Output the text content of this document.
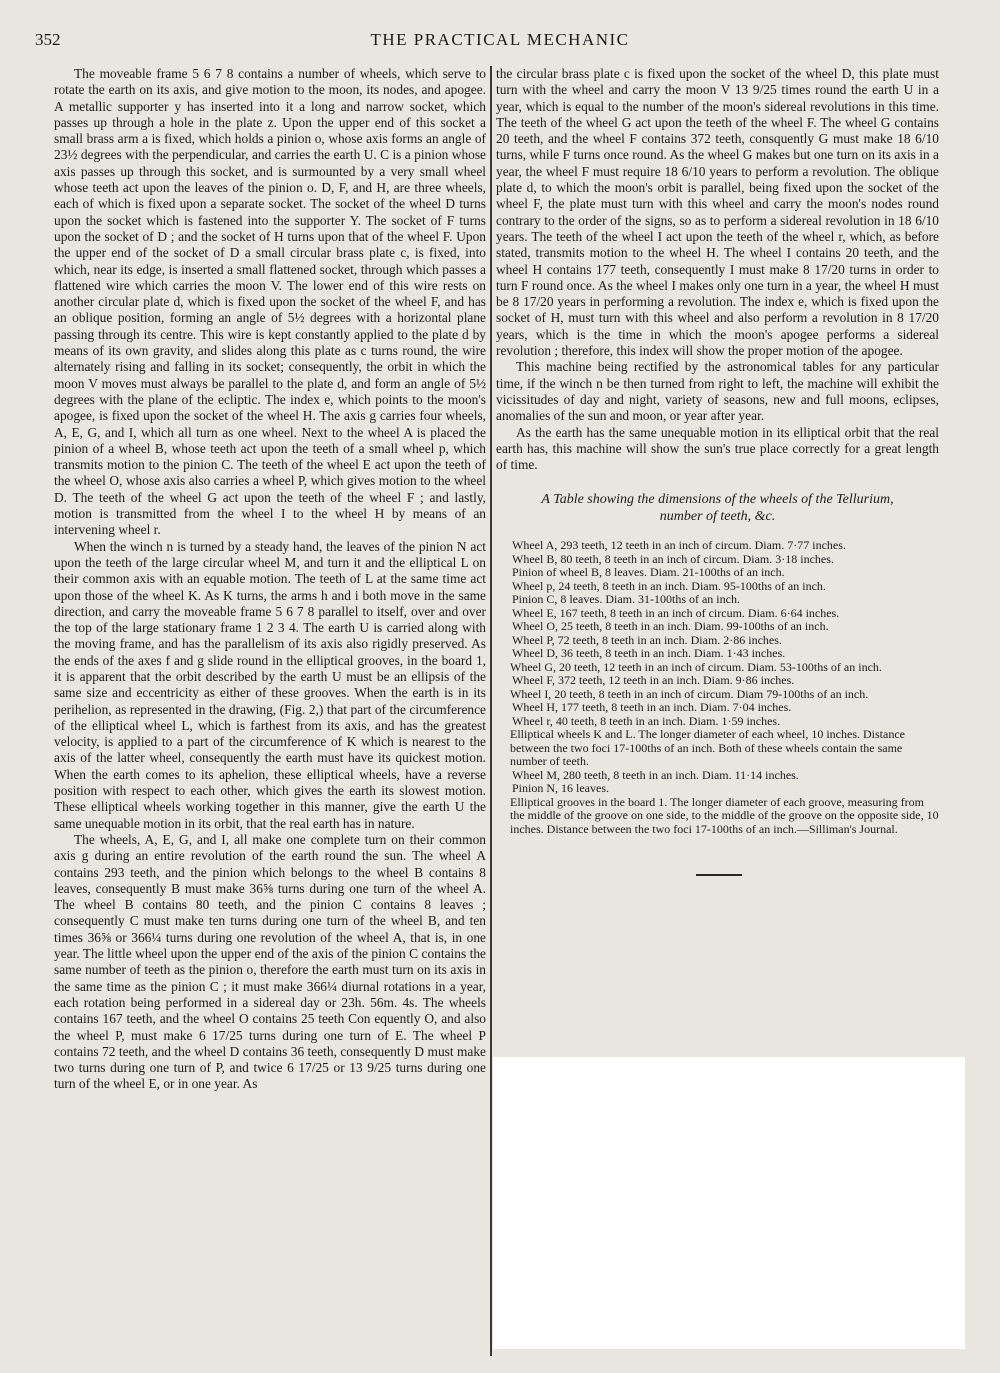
352	THE PRACTICAL MECHANIC

The moveable frame 5 6 7 8 contains a number of wheels, which serve to rotate the earth on its axis, and give motion to the moon, its nodes, and apogee. A metallic supporter y has inserted into it a long and narrow socket, which passes up through a hole in the plate z. Upon the upper end of this socket a small brass arm a is fixed, which holds a pinion o, whose axis forms an angle of 23½ degrees with the perpendicular, and carries the earth U. C is a pinion whose axis passes up through this socket, and is surmounted by a very small wheel whose teeth act upon the leaves of the pinion o. D, F, and H, are three wheels, each of which is fixed upon a separate socket. The socket of the wheel D turns upon the socket which is fastened into the supporter Y. The socket of F turns upon the socket of D ; and the socket of H turns upon that of the wheel F. Upon the upper end of the socket of D a small circular brass plate c, is fixed, into which, near its edge, is inserted a small flattened socket, through which passes a flattened wire which carries the moon V. The lower end of this wire rests on another circular plate d, which is fixed upon the socket of the wheel F, and has an oblique position, forming an angle of 5½ degrees with a horizontal plane passing through its centre. This wire is kept constantly applied to the plate d by means of its own gravity, and slides along this plate as c turns round, the wire alternately rising and falling in its socket; consequently, the orbit in which the moon V moves must always be parallel to the plate d, and form an angle of 5½ degrees with the plane of the ecliptic. The index e, which points to the moon's apogee, is fixed upon the socket of the wheel H. The axis g carries four wheels, A, E, G, and I, which all turn as one wheel. Next to the wheel A is placed the pinion of a wheel B, whose teeth act upon the teeth of a small wheel p, which transmits motion to the pinion C. The teeth of the wheel E act upon the teeth of the wheel O, whose axis also carries a wheel P, which gives motion to the wheel D. The teeth of the wheel G act upon the teeth of the wheel F ; and lastly, motion is transmitted from the wheel I to the wheel H by means of an intervening wheel r.

When the winch n is turned by a steady hand, the leaves of the pinion N act upon the teeth of the large circular wheel M, and turn it and the elliptical L on their common axis with an equable motion. The teeth of L at the same time act upon those of the wheel K. As K turns, the arms h and i both move in the same direction, and carry the moveable frame 5 6 7 8 parallel to itself, over and over the top of the large stationary frame 1 2 3 4. The earth U is carried along with the moving frame, and has the parallelism of its axis also rigidly preserved. As the ends of the axes f and g slide round in the elliptical grooves, in the board 1, it is apparent that the orbit described by the earth U must be an ellipsis of the same size and eccentricity as either of these grooves. When the earth is in its perihelion, as represented in the drawing, (Fig. 2,) that part of the circumference of the elliptical wheel L, which is farthest from its axis, and has the greatest velocity, is applied to a part of the circumference of K which is nearest to the axis of the latter wheel, consequently the earth must have its quickest motion. When the earth comes to its aphelion, these elliptical wheels, have a reverse position with respect to each other, which gives the earth its slowest motion. These elliptical wheels working together in this manner, give the earth U the same unequable motion in its orbit, that the real earth has in nature.

The wheels, A, E, G, and I, all make one complete turn on their common axis g during an entire revolution of the earth round the sun. The wheel A contains 293 teeth, and the pinion which belongs to the wheel B contains 8 leaves, consequently B must make 36⅝ turns during one turn of the wheel A. The wheel B contains 80 teeth, and the pinion C contains 8 leaves ; consequently C must make ten turns during one turn of the wheel B, and ten times 36⅝ or 366¼ turns during one revolution of the wheel A, that is, in one year. The little wheel upon the upper end of the axis of the pinion C contains the same number of teeth as the pinion o, therefore the earth must turn on its axis in the same time as the pinion C ; it must make 366¼ diurnal rotations in a year, each rotation being performed in a sidereal day or 23h. 56m. 4s. The wheels contains 167 teeth, and the wheel O contains 25 teeth Con equently O, and also the wheel P, must make 6 17/25 turns during one turn of E. The wheel P contains 72 teeth, and the wheel D contains 36 teeth, consequently D must make two turns during one turn of P, and twice 6 17/25 or 13 9/25 turns during one turn of the wheel E, or in one year. As

the circular brass plate c is fixed upon the socket of the wheel D, this plate must turn with the wheel and carry the moon V 13 9/25 times round the earth U in a year, which is equal to the number of the moon's sidereal revolutions in this time. The teeth of the wheel G act upon the teeth of the wheel F. The wheel G contains 20 teeth, and the wheel F contains 372 teeth, consquently G must make 18 6/10 turns, while F turns once round. As the wheel G makes but one turn on its axis in a year, the wheel F must require 18 6/10 years to perform a revolution. The oblique plate d, to which the moon's orbit is parallel, being fixed upon the socket of the wheel F, the plate must turn with this wheel and carry the moon's nodes round contrary to the order of the signs, so as to perform a sidereal revolution in 18 6/10 years. The teeth of the wheel I act upon the teeth of the wheel r, which, as before stated, transmits motion to the wheel H. The wheel I contains 20 teeth, and the wheel H contains 177 teeth, consequently I must make 8 17/20 turns in order to turn F round once. As the wheel I makes only one turn in a year, the wheel H must be 8 17/20 years in performing a revolution. The index e, which is fixed upon the socket of H, must turn with this wheel and also perform a revolution in 8 17/20 years, which is the time in which the moon's apogee performs a sidereal revolution ; therefore, this index will show the proper motion of the apogee.

This machine being rectified by the astronomical tables for any particular time, if the winch n be then turned from right to left, the machine will exhibit the vicissitudes of day and night, variety of seasons, new and full moons, eclipses, anomalies of the sun and moon, or year after year.

As the earth has the same unequable motion in its elliptical orbit that the real earth has, this machine will show the sun's true place correctly for a great length of time.

A Table showing the dimensions of the wheels of the Tellurium,
number of teeth, &c.
Wheel A, 293 teeth, 12 teeth in an inch of circum. Diam. 7·77 inches.
Wheel B, 80 teeth, 8 teeth in an inch of circum. Diam. 3·18 inches.
Pinion of wheel B, 8 leaves. Diam. 21-100ths of an inch.
Wheel p, 24 teeth, 8 teeth in an inch. Diam. 95-100ths of an inch.
Pinion C, 8 leaves. Diam. 31-100ths of an inch.
Wheel E, 167 teeth, 8 teeth in an inch of circum. Diam. 6·64 inches.
Wheel O, 25 teeth, 8 teeth in an inch. Diam. 99-100ths of an inch.
Wheel P, 72 teeth, 8 teeth in an inch. Diam. 2·86 inches.
Wheel D, 36 teeth, 8 teeth in an inch. Diam. 1·43 inches.
Wheel G, 20 teeth, 12 teeth in an inch of circum. Diam. 53-100ths of an inch.
Wheel F, 372 teeth, 12 teeth in an inch. Diam. 9·86 inches.
Wheel I, 20 teeth, 8 teeth in an inch of circum. Diam 79-100ths of an inch.
Wheel H, 177 teeth, 8 teeth in an inch. Diam. 7·04 inches.
Wheel r, 40 teeth, 8 teeth in an inch. Diam. 1·59 inches.
Elliptical wheels K and L. The longer diameter of each wheel, 10 inches. Distance between the two foci 17-100ths of an inch. Both of these wheels contain the same number of teeth.
Wheel M, 280 teeth, 8 teeth in an inch. Diam. 11·14 inches.
Pinion N, 16 leaves.
Elliptical grooves in the board 1. The longer diameter of each groove, measuring from the middle of the groove on one side, to the middle of the groove on the opposite side, 10 inches. Distance between the two foci 17-100ths of an inch.—Silliman's Journal.
